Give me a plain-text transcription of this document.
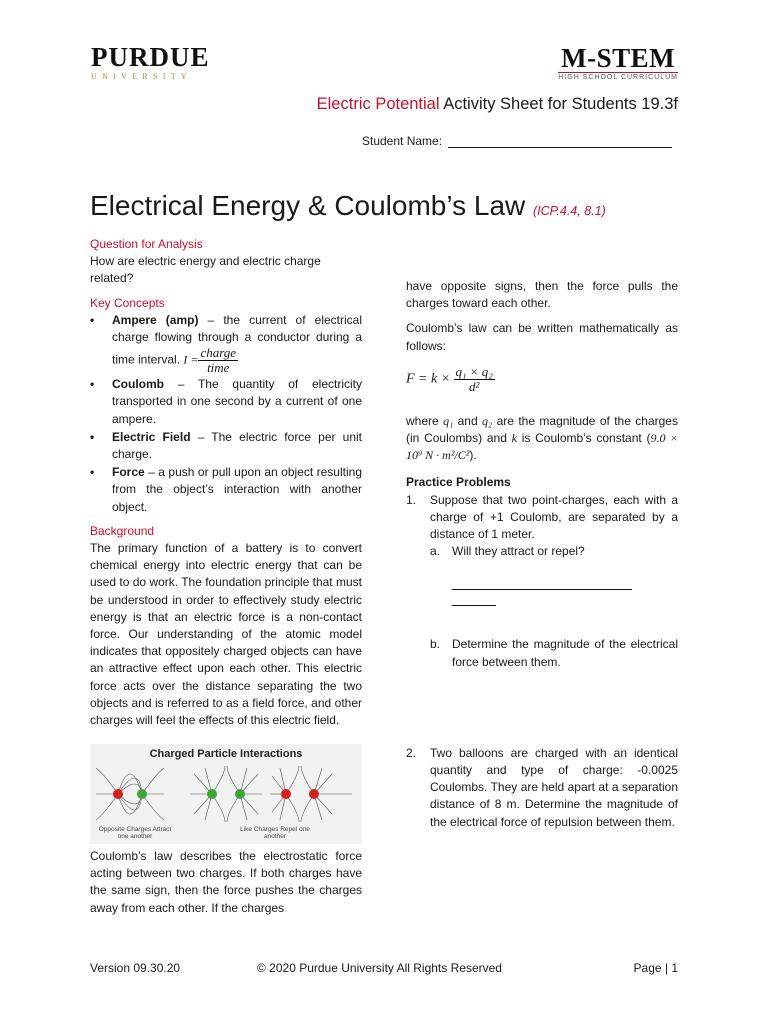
PURDUE
UNIVERSITY
M-STEM
HIGH SCHOOL CURRICULUM
Electric Potential Activity Sheet for Students 19.3f
Student Name:
Electrical Energy & Coulomb’s Law (ICP.4.4, 8.1)
Question for Analysis
How are electric energy and electric charge related?
Key Concepts
• Ampere (amp) – the current of electrical charge flowing through a conductor during a time interval. $I = \frac{\text{charge}}{\text{time}}$
• Coulomb – The quantity of electricity transported in one second by a current of one ampere.
• Electric Field – The electric force per unit charge.
• Force – a push or pull upon an object resulting from the object’s interaction with another object.
Background
The primary function of a battery is to convert chemical energy into electric energy that can be used to do work. The foundation principle that must be understood in order to effectively study electric energy is that an electric force is a non-contact force. Our understanding of the atomic model indicates that oppositely charged objects can have an attractive effect upon each other. This electric force acts over the distance separating the two objects and is referred to as a field force, and other charges will feel the effects of this electric field.
Charged Particle Interactions
Opposite Charges Attract one another
Like Charges Repel one another
Coulomb’s law describes the electrostatic force acting between two charges. If both charges have the same sign, then the force pushes the charges away from each other. If the charges
have opposite signs, then the force pulls the charges toward each other.
Coulomb’s law can be written mathematically as follows:
$F = k \times \frac{\text{q₁ × q₂}}{\text{d²}}$
where q₁ and q₂ are the magnitude of the charges (in Coulombs) and k is Coulomb’s constant (9.0 × 10⁹ N · m²/C²).
Practice Problems
1. Suppose that two point-charges, each with a charge of +1 Coulomb, are separated by a distance of 1 meter.
a. Will they attract or repel?
b. Determine the magnitude of the electrical force between them.
2. Two balloons are charged with an identical quantity and type of charge: -0.0025 Coulombs. They are held apart at a separation distance of 8 m. Determine the magnitude of the electrical force of repulsion between them.
Version 09.30.20	© 2020 Purdue University All Rights Reserved	Page | 1
